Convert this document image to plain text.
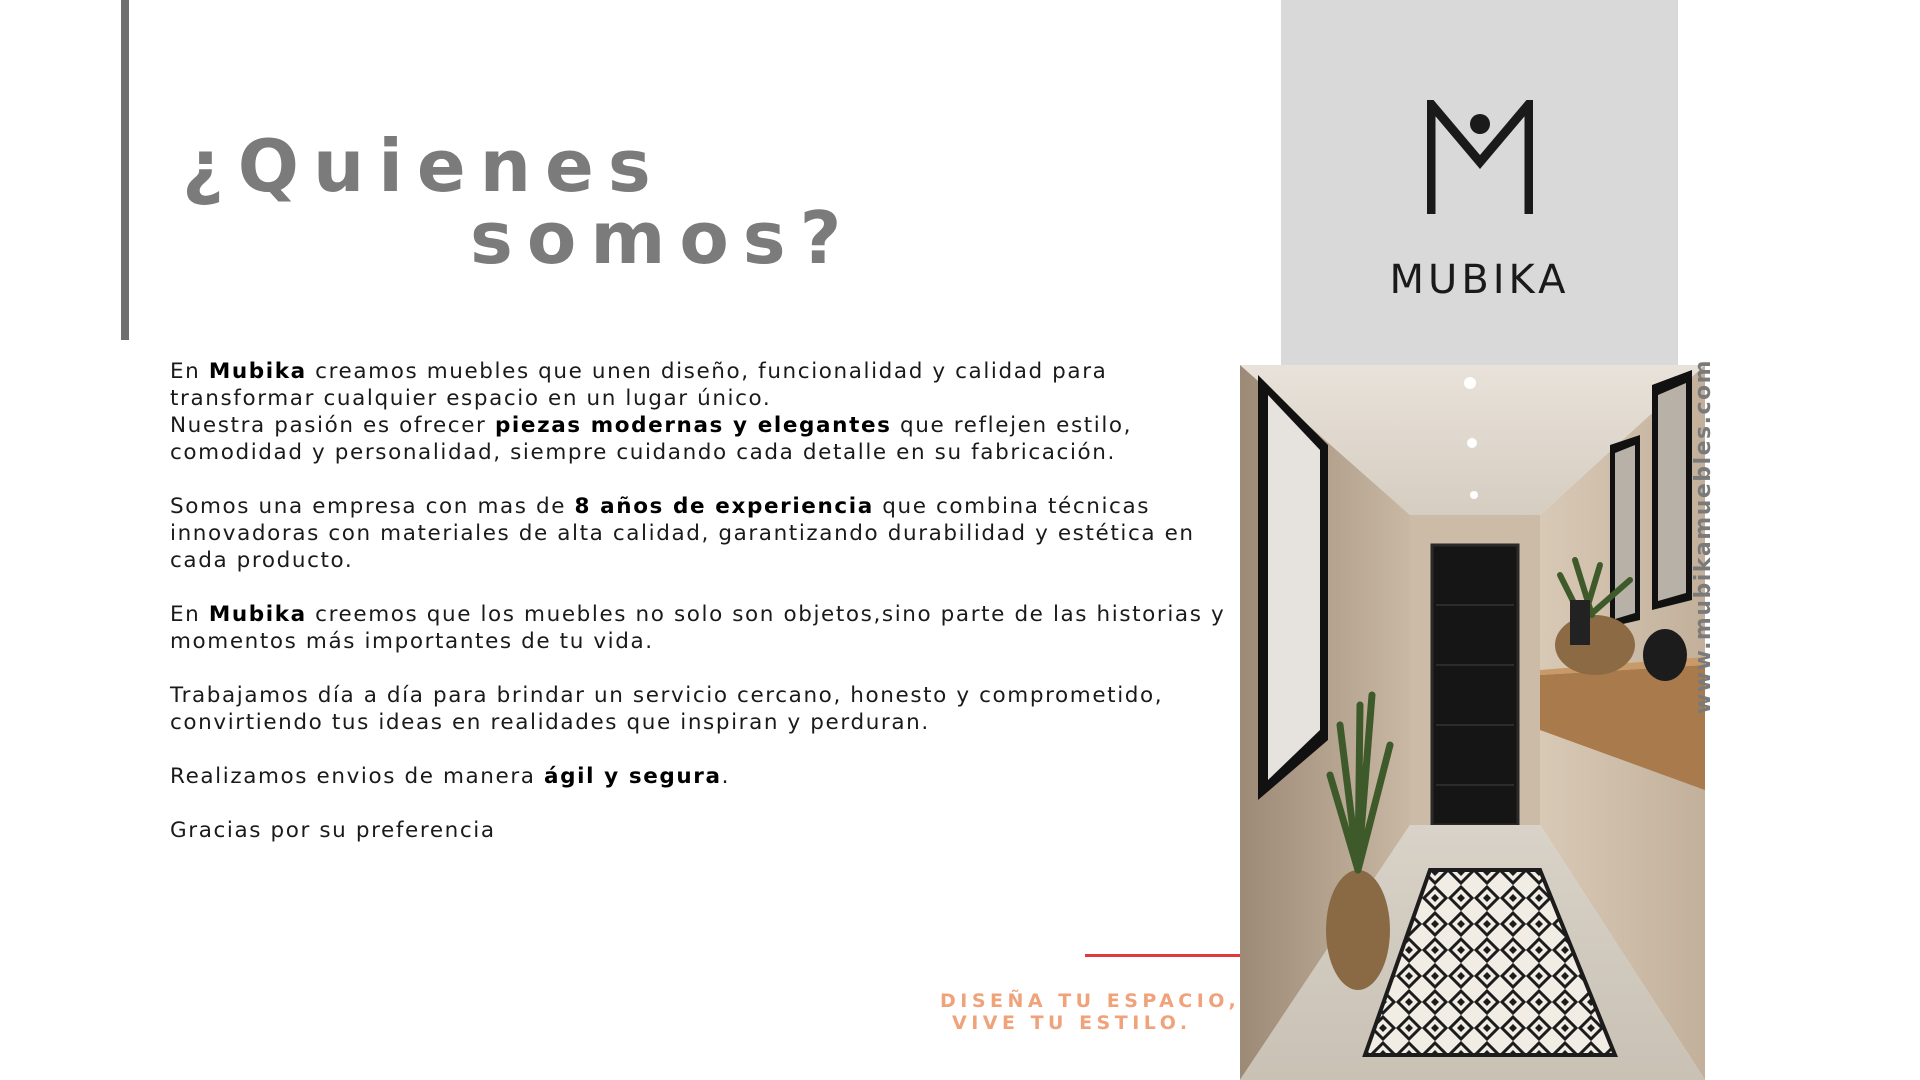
¿Quienes
somos?

En Mubika creamos muebles que unen diseño, funcionalidad y calidad para transformar cualquier espacio en un lugar único.

Nuestra pasión es ofrecer piezas modernas y elegantes que reflejen estilo, comodidad y personalidad, siempre cuidando cada detalle en su fabricación.

Somos una empresa con mas de 8 años de experiencia que combina técnicas innovadoras con materiales de alta calidad, garantizando durabilidad y estética en cada producto.

En Mubika creemos que los muebles no solo son objetos,sino parte de las historias y momentos más importantes de tu vida.

Trabajamos día a día para brindar un servicio cercano, honesto y comprometido, convirtiendo tus ideas en realidades que inspiran y perduran.

Realizamos envios de manera ágil y segura.

Gracias por su preferencia

MUBIKA
www.mubikamuebles.com
DISEÑA TU ESPACIO,
VIVE TU ESTILO.
